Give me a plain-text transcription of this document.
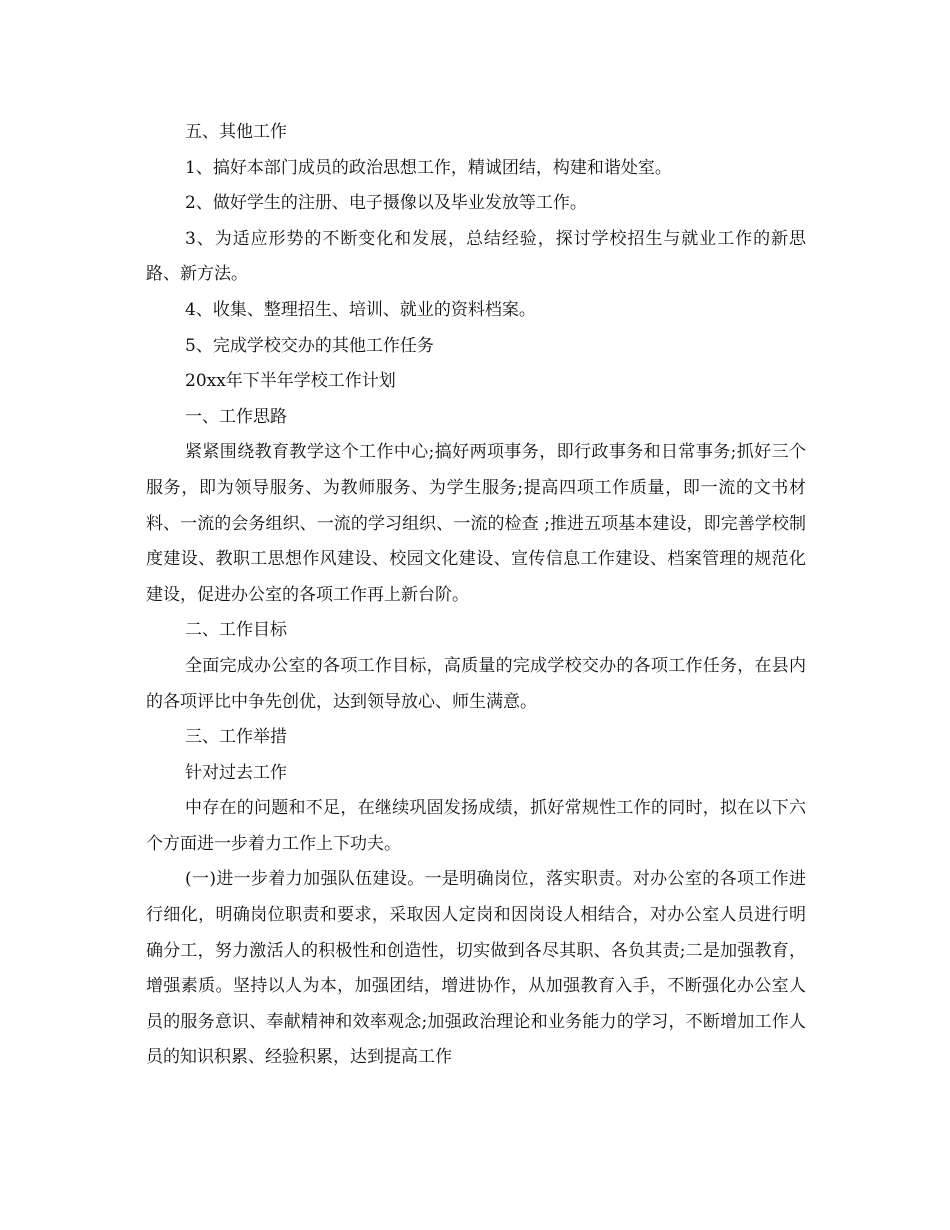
五、其他工作

1、搞好本部门成员的政治思想工作，精诚团结，构建和谐处室。

2、做好学生的注册、电子摄像以及毕业发放等工作。

3、为适应形势的不断变化和发展，总结经验，探讨学校招生与就业工作的新思路、新方法。

4、收集、整理招生、培训、就业的资料档案。

5、完成学校交办的其他工作任务

20xx年下半年学校工作计划

一、工作思路

紧紧围绕教育教学这个工作中心;搞好两项事务，即行政事务和日常事务;抓好三个服务，即为领导服务、为教师服务、为学生服务;提高四项工作质量，即一流的文书材料、一流的会务组织、一流的学习组织、一流的检查 ;推进五项基本建设，即完善学校制度建设、教职工思想作风建设、校园文化建设、宣传信息工作建设、档案管理的规范化建设，促进办公室的各项工作再上新台阶。

二、工作目标

全面完成办公室的各项工作目标，高质量的完成学校交办的各项工作任务，在县内的各项评比中争先创优，达到领导放心、师生满意。

三、工作举措

针对过去工作

中存在的问题和不足，在继续巩固发扬成绩，抓好常规性工作的同时，拟在以下六个方面进一步着力工作上下功夫。

(一)进一步着力加强队伍建设。一是明确岗位，落实职责。对办公室的各项工作进行细化，明确岗位职责和要求，采取因人定岗和因岗设人相结合，对办公室人员进行明确分工，努力激活人的积极性和创造性，切实做到各尽其职、各负其责;二是加强教育，增强素质。坚持以人为本，加强团结，增进协作，从加强教育入手，不断强化办公室人员的服务意识、奉献精神和效率观念;加强政治理论和业务能力的学习，不断增加工作人员的知识积累、经验积累，达到提高工作
